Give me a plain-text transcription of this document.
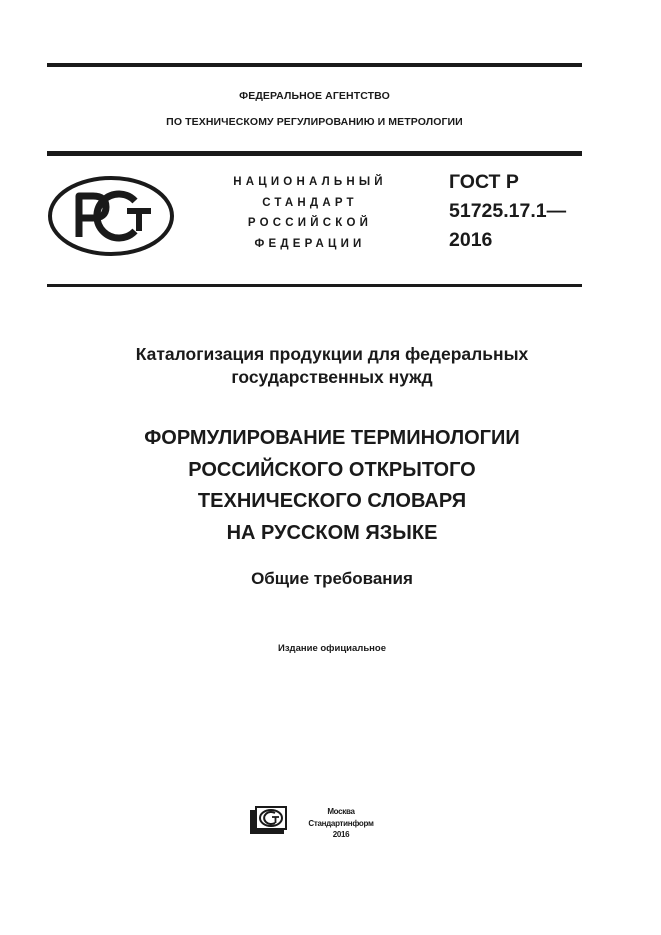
ФЕДЕРАЛЬНОЕ АГЕНТСТВО
ПО ТЕХНИЧЕСКОМУ РЕГУЛИРОВАНИЮ И МЕТРОЛОГИИ
НАЦИОНАЛЬНЫЙ
СТАНДАРТ
РОССИЙСКОЙ
ФЕДЕРАЦИИ
ГОСТ Р
51725.17.1—
2016
Каталогизация продукции для федеральных
государственных нужд
ФОРМУЛИРОВАНИЕ ТЕРМИНОЛОГИИ
РОССИЙСКОГО ОТКРЫТОГО
ТЕХНИЧЕСКОГО СЛОВАРЯ
НА РУССКОМ ЯЗЫКЕ
Общие требования
Издание официальное
Москва
Стандартинформ
2016
